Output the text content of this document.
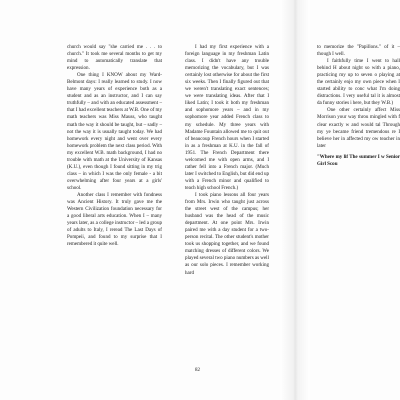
church would say "she carried me . . . to church." It took me several months to get my mind to automatically translate that expression.

One thing I KNOW about my Ward-Belmont days: I really learned to study. I now have many years of experience both as a student and as an instructor, and I can say truthfully – and with an educated assessment – that I had excellent teachers at W.B. One of my math teachers was Miss Mauss, who taught math the way it should be taught, but – sadly – not the way it is usually taught today. We had homework every night and went over every homework problem the next class period. With my excellent W.B. math background, I had no trouble with math at the University of Kansas (K.U.), even though I found sitting in my trig class – in which I was the only female - a bit overwhelming after four years at a girls' school.

Another class I remember with fondness was Ancient History. It truly gave me the Western Civilization foundation necessary for a good liberal arts education. When I – many years later, as a college instructor – led a group of adults to Italy, I reread The Last Days of Pompeii, and found to my surprise that I remembered it quite well.

I had my first experience with a foreign language in my freshman Latin class. I didn't have any trouble memorizing the vocabulary, but I was certainly lost otherwise for about the first six weeks. Then I finally figured out that we weren't translating exact sentences; we were translating ideas. After that I liked Latin; I took it both my freshman and sophomore years – and in my sophomore year added French class to my schedule. My three years with Madame Fountain allowed me to quit out of beaucoup French hours when I started in as a freshman at K.U. in the fall of 1951. The French Department there welcomed me with open arms, and I rather fell into a French major. (Much later I switched to English, but did end up with a French minor and qualified to teach high school French.)

I took piano lessons all four years from Mrs. Irwin who taught just across the street west of the campus; her husband was the head of the music department. At one point Mrs. Irwin paired me with a day student for a two-person recital. The other student's mother took us shopping together, and we found matching dresses of different colors. We played several two piano numbers as well as our solo pieces. I remember working hard

to memorize the "Papillons." of it – though I well.

I faithfully time I went to hall behind H about night so with a piano, practicing my up to seven o playing at the certainly enjo my own piece when I started ability to conc what I'm doing distractions. I very useful tal it is almost da funny stories i here, but they W.B.)

One other certainly affect Miss Morrison your way throu mingled with f clear exactly w and would tal Through my ye became friend tremendous re I believe her in affected my ow teacher in later

"Where my lif The summer I w Senior Girl Scou

82
